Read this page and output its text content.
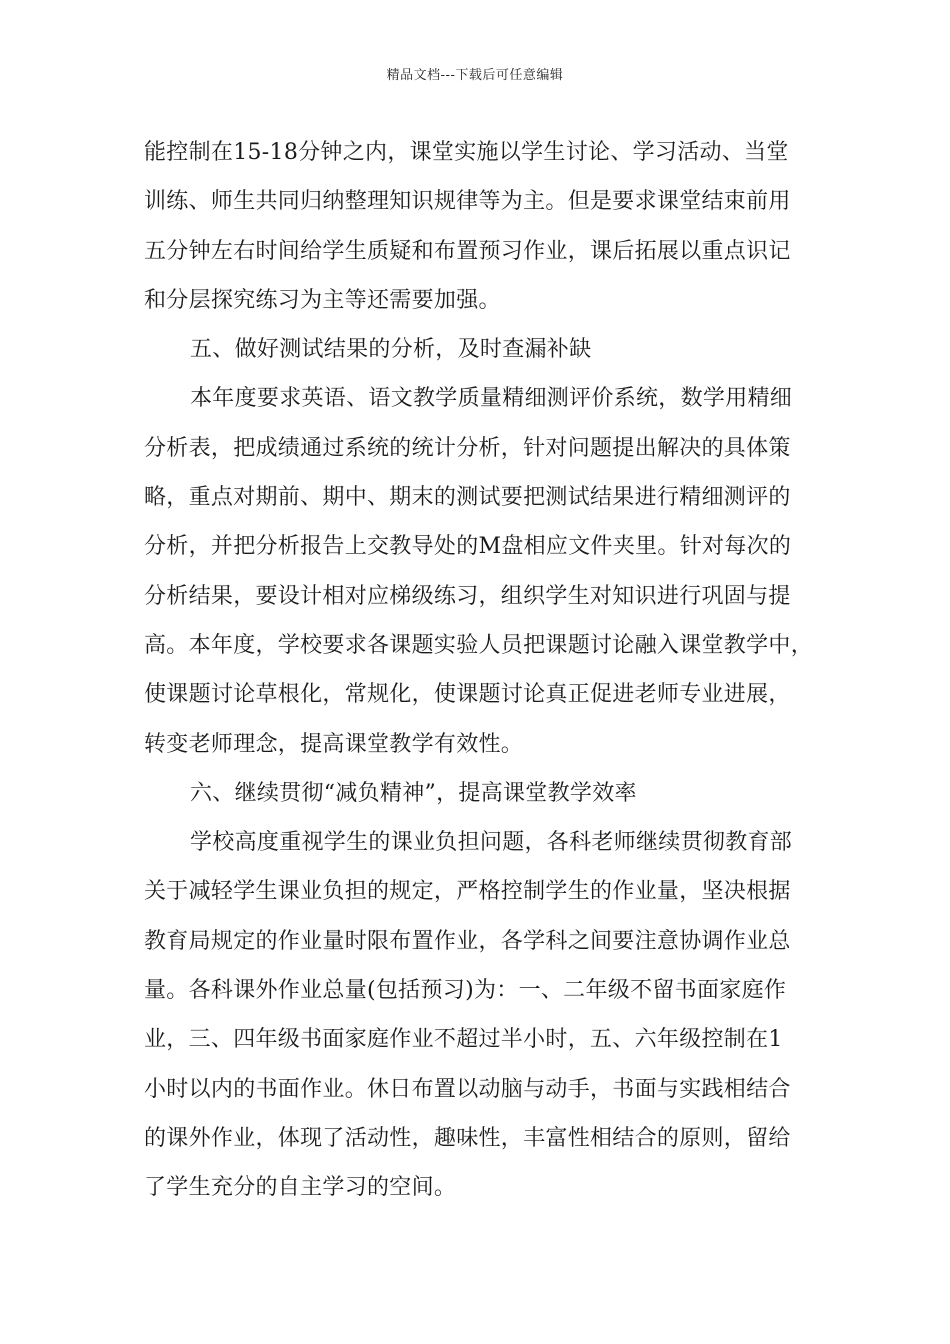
精品文档---下载后可任意编辑
能控制在15-18分钟之内，课堂实施以学生讨论、学习活动、当堂
训练、师生共同归纳整理知识规律等为主。但是要求课堂结束前用
五分钟左右时间给学生质疑和布置预习作业，课后拓展以重点识记
和分层探究练习为主等还需要加强。
五、做好测试结果的分析，及时查漏补缺
本年度要求英语、语文教学质量精细测评价系统，数学用精细
分析表，把成绩通过系统的统计分析，针对问题提出解决的具体策
略，重点对期前、期中、期末的测试要把测试结果进行精细测评的
分析，并把分析报告上交教导处的M盘相应文件夹里。针对每次的
分析结果，要设计相对应梯级练习，组织学生对知识进行巩固与提
高。本年度，学校要求各课题实验人员把课题讨论融入课堂教学中，
使课题讨论草根化，常规化，使课题讨论真正促进老师专业进展，
转变老师理念，提高课堂教学有效性。
六、继续贯彻“减负精神”，提高课堂教学效率
学校高度重视学生的课业负担问题，各科老师继续贯彻教育部
关于减轻学生课业负担的规定，严格控制学生的作业量，坚决根据
教育局规定的作业量时限布置作业，各学科之间要注意协调作业总
量。各科课外作业总量(包括预习)为：一、二年级不留书面家庭作
业，三、四年级书面家庭作业不超过半小时，五、六年级控制在1
小时以内的书面作业。休日布置以动脑与动手，书面与实践相结合
的课外作业，体现了活动性，趣味性，丰富性相结合的原则，留给
了学生充分的自主学习的空间。
